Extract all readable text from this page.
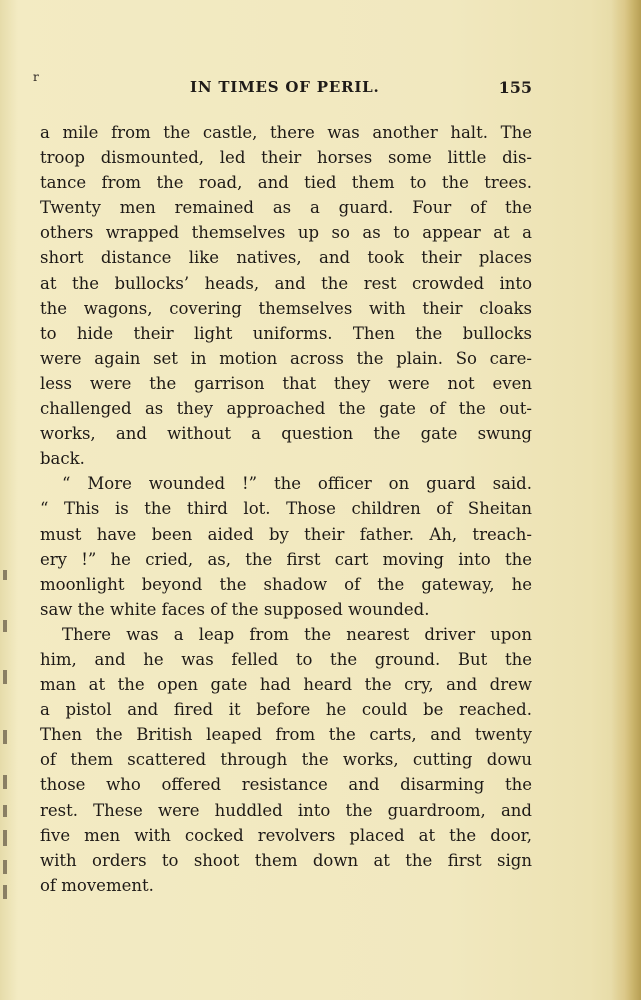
r
IN TIMES OF PERIL.	155
a mile from the castle, there was another halt. The
troop dismounted, led their horses some little dis-
tance from the road, and tied them to the trees.
Twenty men remained as a guard. Four of the
others wrapped themselves up so as to appear at a
short distance like natives, and took their places
at the bullocks’ heads, and the rest crowded into
the wagons, covering themselves with their cloaks
to hide their light uniforms. Then the bullocks
were again set in motion across the plain. So care-
less were the garrison that they were not even
challenged as they approached the gate of the out-
works, and without a question the gate swung
back.
“ More wounded !” the officer on guard said.
“ This is the third lot. Those children of Sheitan
must have been aided by their father. Ah, treach-
ery !” he cried, as, the first cart moving into the
moonlight beyond the shadow of the gateway, he
saw the white faces of the supposed wounded.
There was a leap from the nearest driver upon
him, and he was felled to the ground. But the
man at the open gate had heard the cry, and drew
a pistol and fired it before he could be reached.
Then the British leaped from the carts, and twenty
of them scattered through the works, cutting dowu
those who offered resistance and disarming the
rest. These were huddled into the guardroom, and
five men with cocked revolvers placed at the door,
with orders to shoot them down at the first sign
of movement.
